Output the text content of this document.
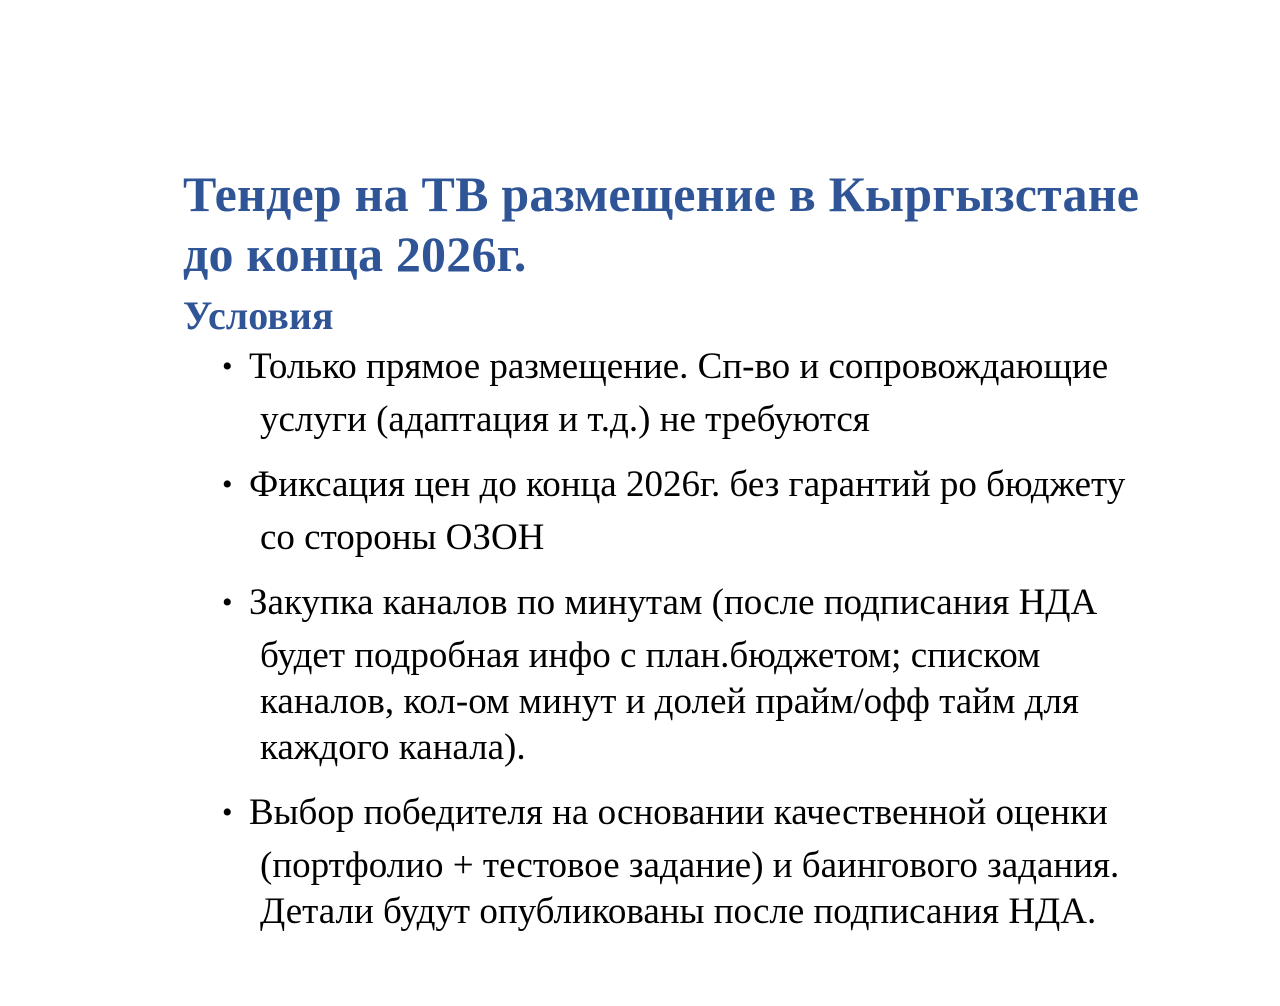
Тендер на ТВ размещение в Кыргызстане
до конца 2026г.
Условия
• Только прямое размещение. Сп-во и сопровождающие
услуги (адаптация и т.д.) не требуются
• Фиксация цен до конца 2026г. без гарантий ро бюджету
со стороны ОЗОН
• Закупка каналов по минутам (после подписания НДА
будет подробная инфо с план.бюджетом; списком
каналов, кол-ом минут и долей прайм/офф тайм для
каждого канала).
• Выбор победителя на основании качественной оценки
(портфолио + тестовое задание) и баингового задания.
Детали будут опубликованы после подписания НДА.
